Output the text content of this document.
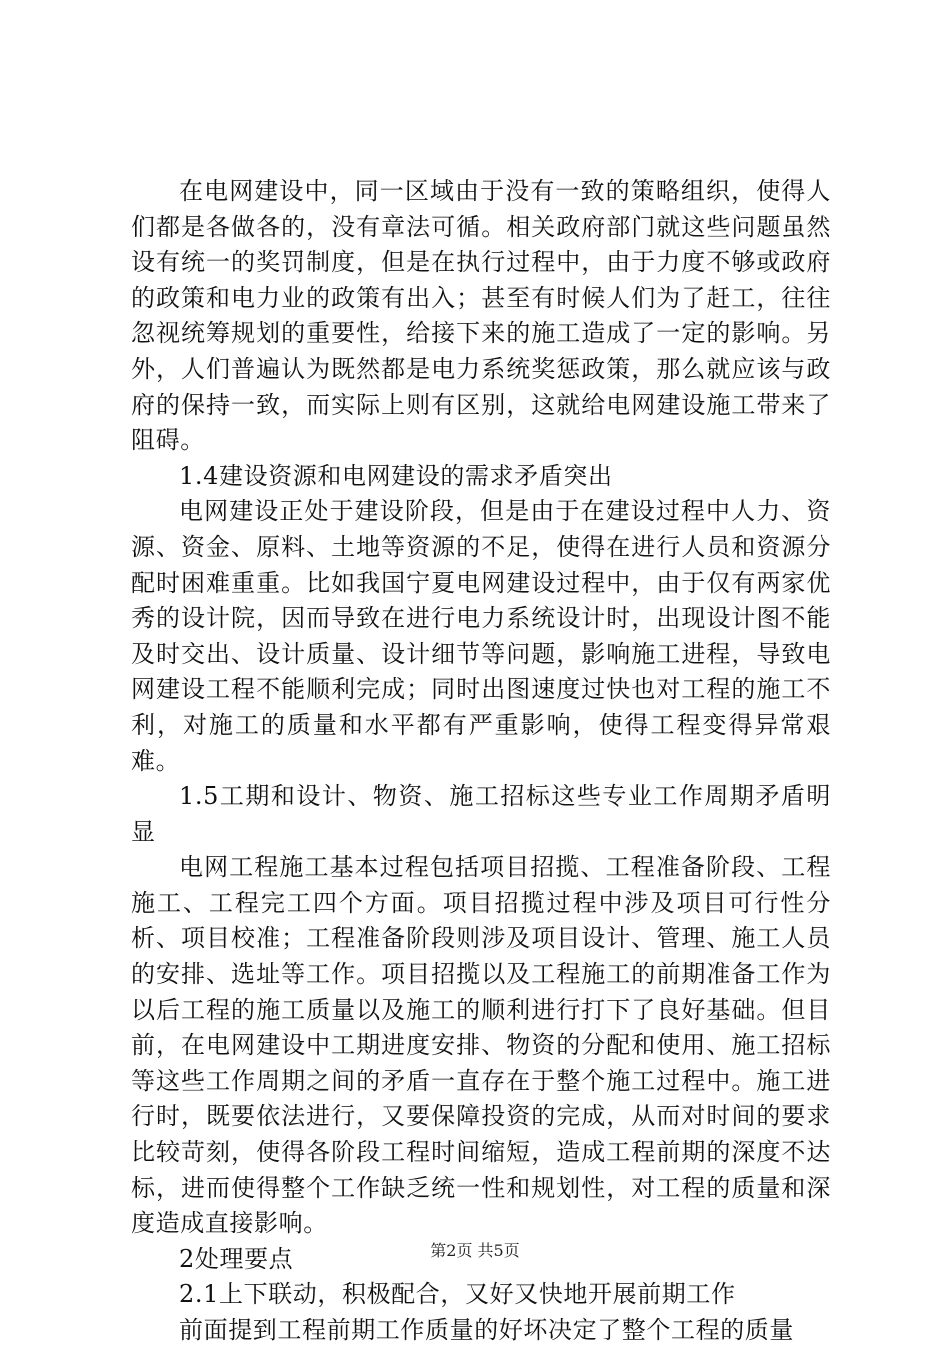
在电网建设中，同一区域由于没有一致的策略组织，使得人们都是各做各的，没有章法可循。相关政府部门就这些问题虽然设有统一的奖罚制度，但是在执行过程中，由于力度不够或政府的政策和电力业的政策有出入；甚至有时候人们为了赶工，往往忽视统筹规划的重要性，给接下来的施工造成了一定的影响。另外，人们普遍认为既然都是电力系统奖惩政策，那么就应该与政府的保持一致，而实际上则有区别，这就给电网建设施工带来了阻碍。

1.4建设资源和电网建设的需求矛盾突出

电网建设正处于建设阶段，但是由于在建设过程中人力、资源、资金、原料、土地等资源的不足，使得在进行人员和资源分配时困难重重。比如我国宁夏电网建设过程中，由于仅有两家优秀的设计院，因而导致在进行电力系统设计时，出现设计图不能及时交出、设计质量、设计细节等问题，影响施工进程，导致电网建设工程不能顺利完成；同时出图速度过快也对工程的施工不利，对施工的质量和水平都有严重影响，使得工程变得异常艰难。

1.5工期和设计、物资、施工招标这些专业工作周期矛盾明显

电网工程施工基本过程包括项目招揽、工程准备阶段、工程施工、工程完工四个方面。项目招揽过程中涉及项目可行性分析、项目校准；工程准备阶段则涉及项目设计、管理、施工人员的安排、选址等工作。项目招揽以及工程施工的前期准备工作为以后工程的施工质量以及施工的顺利进行打下了良好基础。但目前，在电网建设中工期进度安排、物资的分配和使用、施工招标等这些工作周期之间的矛盾一直存在于整个施工过程中。施工进行时，既要依法进行，又要保障投资的完成，从而对时间的要求比较苛刻，使得各阶段工程时间缩短，造成工程前期的深度不达标，进而使得整个工作缺乏统一性和规划性，对工程的质量和深度造成直接影响。

2处理要点

2.1上下联动，积极配合，又好又快地开展前期工作

前面提到工程前期工作质量的好坏决定了整个工程的质量

第2页 共5页
